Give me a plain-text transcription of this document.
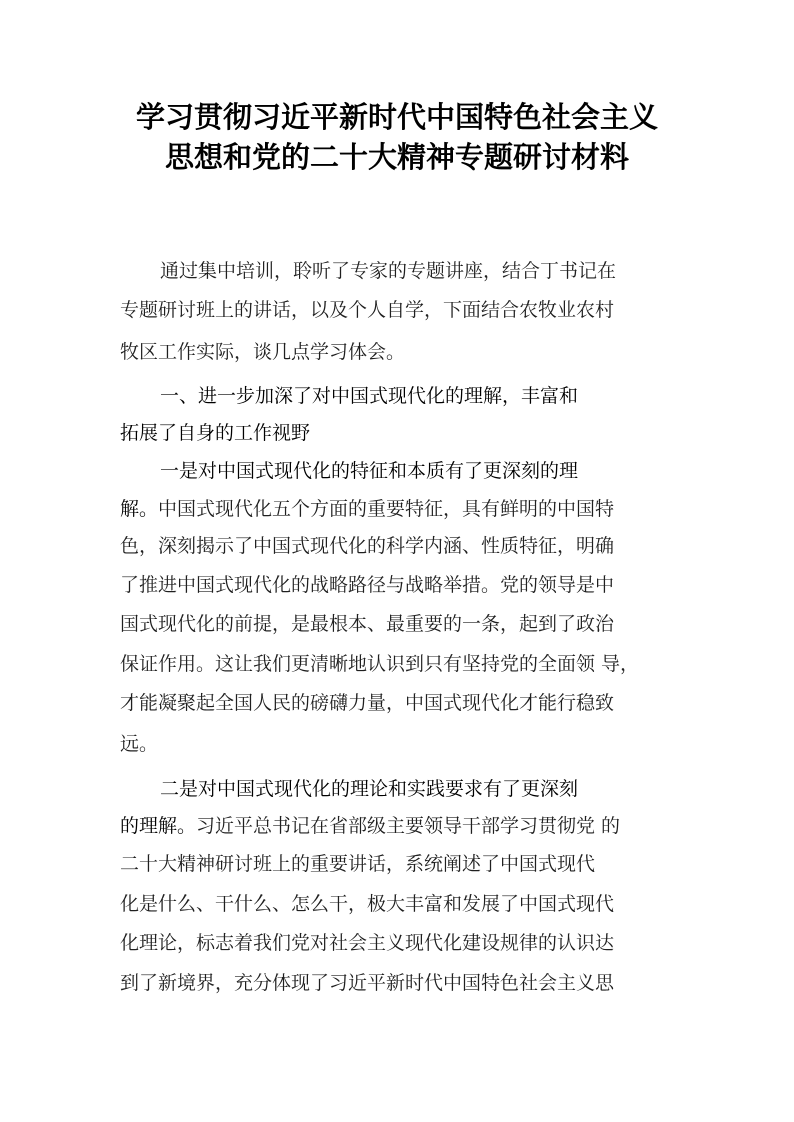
学习贯彻习近平新时代中国特色社会主义
思想和党的二十大精神专题研讨材料
通过集中培训，聆听了专家的专题讲座，结合丁书记在
专题研讨班上的讲话，以及个人自学，下面结合农牧业农村
牧区工作实际，谈几点学习体会。
一、进一步加深了对中国式现代化的理解，丰富和
拓展了自身的工作视野
一是对中国式现代化的特征和本质有了更深刻的理
解。中国式现代化五个方面的重要特征，具有鲜明的中国特
色，深刻揭示了中国式现代化的科学内涵、性质特征，明确
了推进中国式现代化的战略路径与战略举措。党的领导是中
国式现代化的前提，是最根本、最重要的一条，起到了政治
保证作用。这让我们更清晰地认识到只有坚持党的全面领 导，
才能凝聚起全国人民的磅礴力量，中国式现代化才能行稳致
远。
二是对中国式现代化的理论和实践要求有了更深刻
的理解。习近平总书记在省部级主要领导干部学习贯彻党 的
二十大精神研讨班上的重要讲话，系统阐述了中国式现代
化是什么、干什么、怎么干，极大丰富和发展了中国式现代
化理论，标志着我们党对社会主义现代化建设规律的认识达
到了新境界，充分体现了习近平新时代中国特色社会主义思
